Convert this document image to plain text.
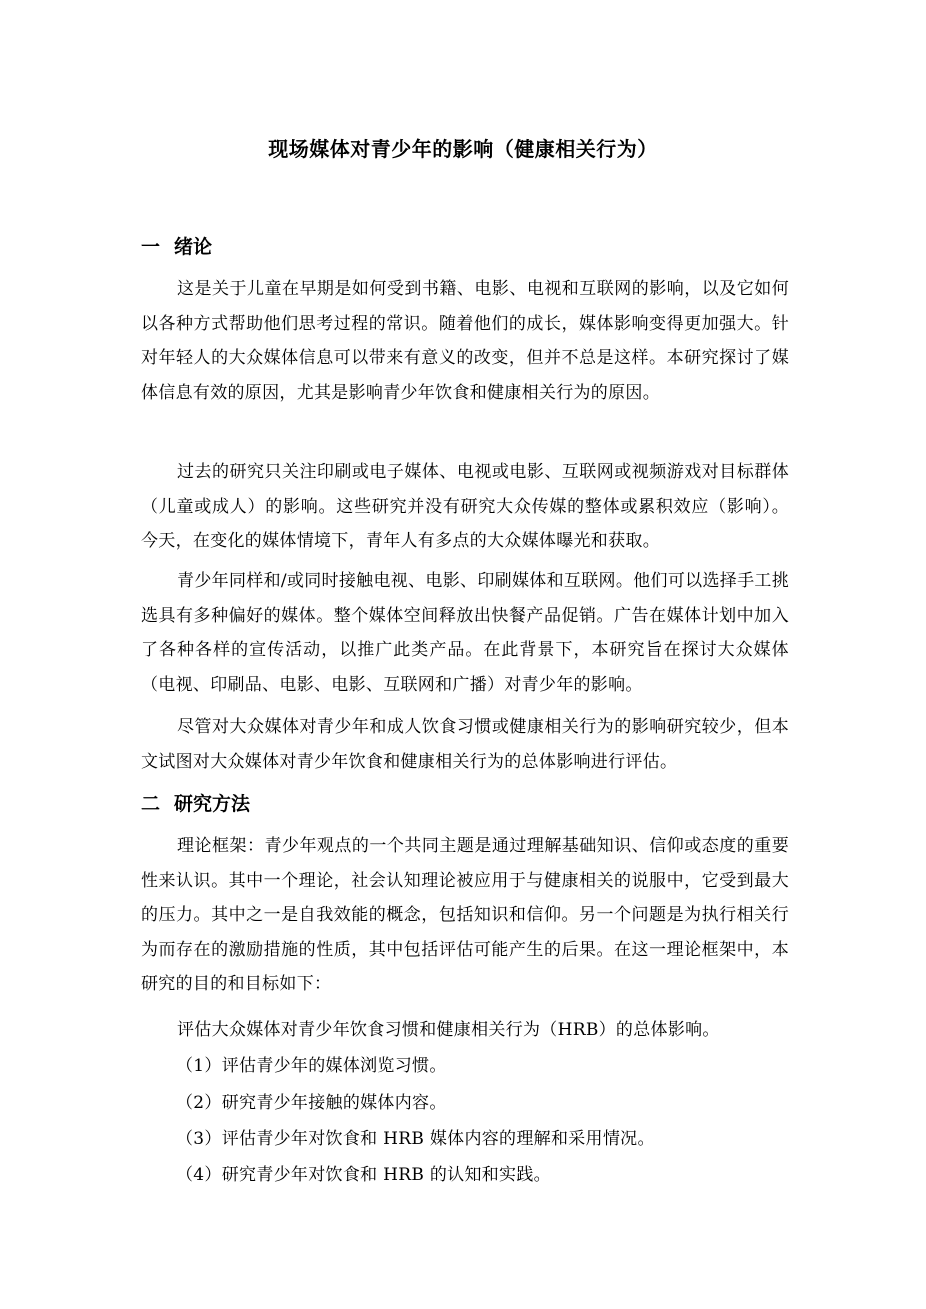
现场媒体对青少年的影响（健康相关行为）
一 绪论

这是关于儿童在早期是如何受到书籍、电影、电视和互联网的影响，以及它如何以各种方式帮助他们思考过程的常识。随着他们的成长，媒体影响变得更加强大。针对年轻人的大众媒体信息可以带来有意义的改变，但并不总是这样。本研究探讨了媒体信息有效的原因，尤其是影响青少年饮食和健康相关行为的原因。

过去的研究只关注印刷或电子媒体、电视或电影、互联网或视频游戏对目标群体（儿童或成人）的影响。这些研究并没有研究大众传媒的整体或累积效应（影响）。今天，在变化的媒体情境下，青年人有多点的大众媒体曝光和获取。

青少年同样和/或同时接触电视、电影、印刷媒体和互联网。他们可以选择手工挑选具有多种偏好的媒体。整个媒体空间释放出快餐产品促销。广告在媒体计划中加入了各种各样的宣传活动，以推广此类产品。在此背景下，本研究旨在探讨大众媒体（电视、印刷品、电影、电影、互联网和广播）对青少年的影响。

尽管对大众媒体对青少年和成人饮食习惯或健康相关行为的影响研究较少，但本文试图对大众媒体对青少年饮食和健康相关行为的总体影响进行评估。

二 研究方法

理论框架：青少年观点的一个共同主题是通过理解基础知识、信仰或态度的重要性来认识。其中一个理论，社会认知理论被应用于与健康相关的说服中，它受到最大的压力。其中之一是自我效能的概念，包括知识和信仰。另一个问题是为执行相关行为而存在的激励措施的性质，其中包括评估可能产生的后果。在这一理论框架中，本研究的目的和目标如下：

评估大众媒体对青少年饮食习惯和健康相关行为（HRB）的总体影响。

（1）评估青少年的媒体浏览习惯。
（2）研究青少年接触的媒体内容。
（3）评估青少年对饮食和 HRB 媒体内容的理解和采用情况。
（4）研究青少年对饮食和 HRB 的认知和实践。
